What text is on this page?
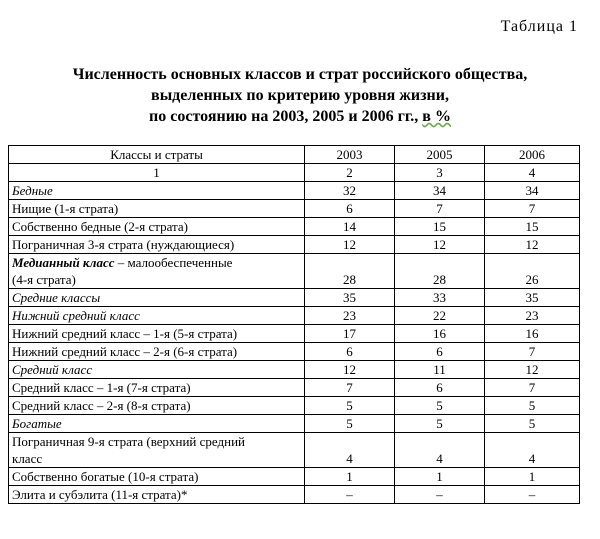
Таблица 1
Численность основных классов и страт российского общества,
выделенных по критерию уровня жизни,
по состоянию на 2003, 2005 и 2006 гг., в %
Классы и страты	2003	2005	2006
1	2	3	4
Бедные	32	34	34
Нищие (1-я страта)	6	7	7
Собственно бедные (2-я страта)	14	15	15
Пограничная 3-я страта (нуждающиеся)	12	12	12
Медианный класс – малообеспеченные
(4-я страта)	28	28	26
Средние классы	35	33	35
Нижний средний класс	23	22	23
Нижний средний класс – 1-я (5-я страта)	17	16	16
Нижний средний класс – 2-я (6-я страта)	6	6	7
Средний класс	12	11	12
Средний класс – 1-я (7-я страта)	7	6	7
Средний класс – 2-я (8-я страта)	5	5	5
Богатые	5	5	5
Пограничная 9-я страта (верхний средний
класс	4	4	4
Собственно богатые (10-я страта)	1	1	1
Элита и субэлита (11-я страта)*	–	–	–
